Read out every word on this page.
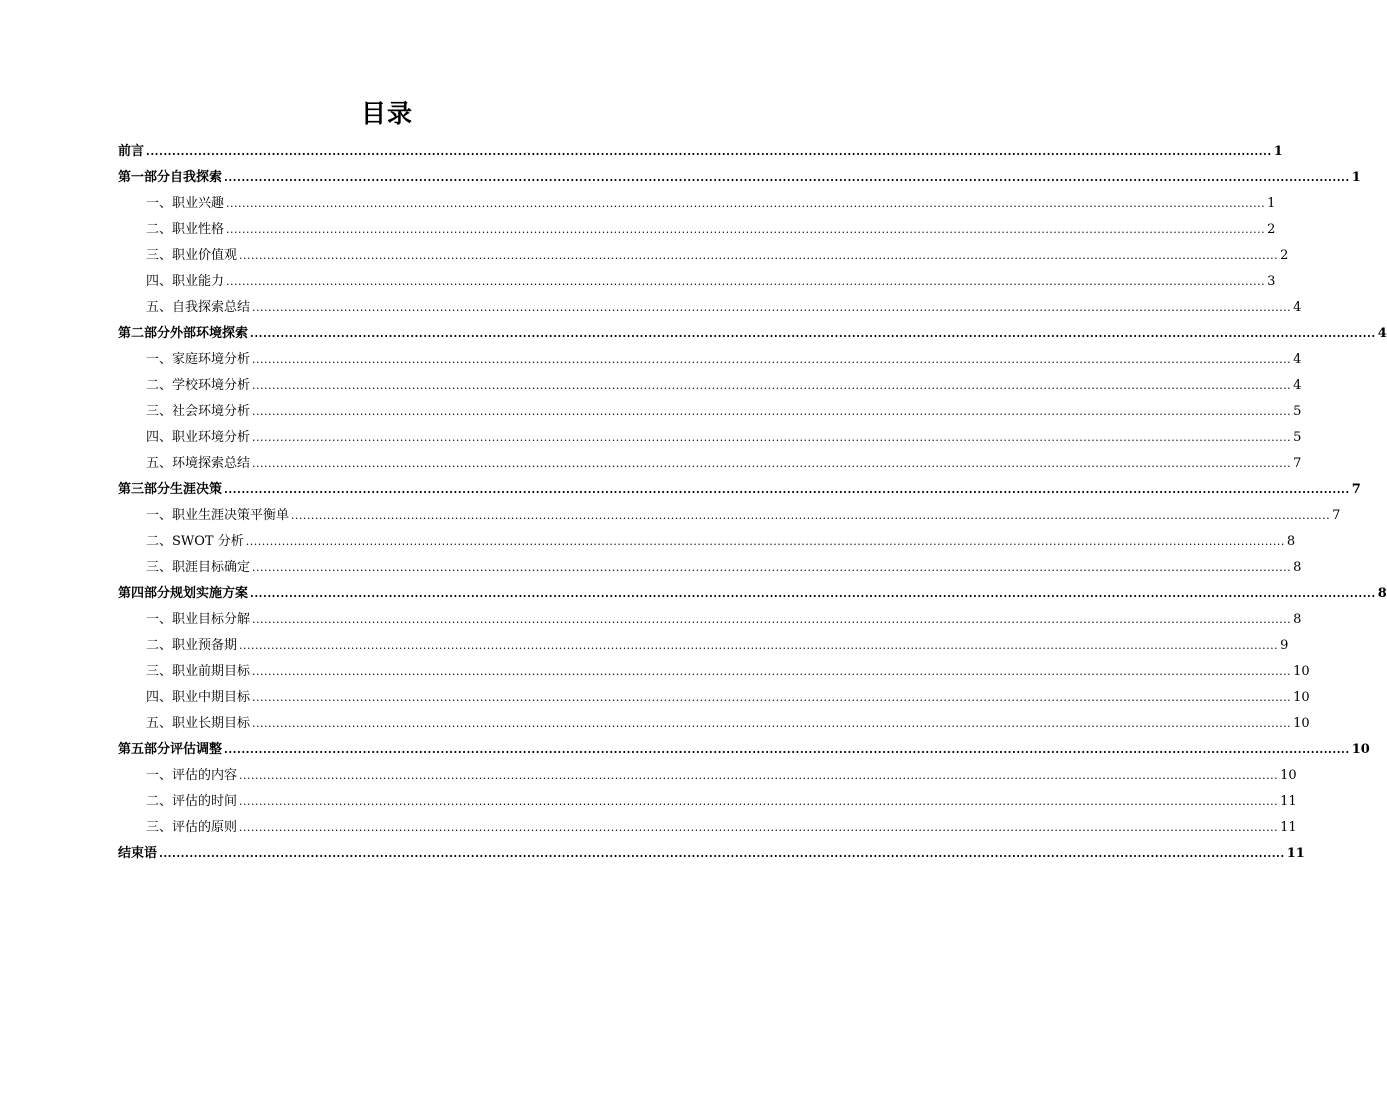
目录
前言 .................................................................................................................................................................................................................................................................... 1
第一部分自我探索 .................................................................................................................................................................................................................................................................... 1
一、职业兴趣 .................................................................................................................................................................................................................................................................... 1
二、职业性格 .................................................................................................................................................................................................................................................................... 2
三、职业价值观 .................................................................................................................................................................................................................................................................... 2
四、职业能力 .................................................................................................................................................................................................................................................................... 3
五、自我探索总结 .................................................................................................................................................................................................................................................................... 4
第二部分外部环境探索 .................................................................................................................................................................................................................................................................... 4
一、家庭环境分析 .................................................................................................................................................................................................................................................................... 4
二、学校环境分析 .................................................................................................................................................................................................................................................................... 4
三、社会环境分析 .................................................................................................................................................................................................................................................................... 5
四、职业环境分析 .................................................................................................................................................................................................................................................................... 5
五、环境探索总结 .................................................................................................................................................................................................................................................................... 7
第三部分生涯决策 .................................................................................................................................................................................................................................................................... 7
一、职业生涯决策平衡单 .................................................................................................................................................................................................................................................................... 7
二、SWOT 分析 .................................................................................................................................................................................................................................................................... 8
三、职涯目标确定 .................................................................................................................................................................................................................................................................... 8
第四部分规划实施方案 .................................................................................................................................................................................................................................................................... 8
一、职业目标分解 .................................................................................................................................................................................................................................................................... 8
二、职业预备期 .................................................................................................................................................................................................................................................................... 9
三、职业前期目标 .................................................................................................................................................................................................................................................................... 10
四、职业中期目标 .................................................................................................................................................................................................................................................................... 10
五、职业长期目标 .................................................................................................................................................................................................................................................................... 10
第五部分评估调整 .................................................................................................................................................................................................................................................................... 10
一、评估的内容 .................................................................................................................................................................................................................................................................... 10
二、评估的时间 .................................................................................................................................................................................................................................................................... 11
三、评估的原则 .................................................................................................................................................................................................................................................................... 11
结束语 .................................................................................................................................................................................................................................................................... 11
